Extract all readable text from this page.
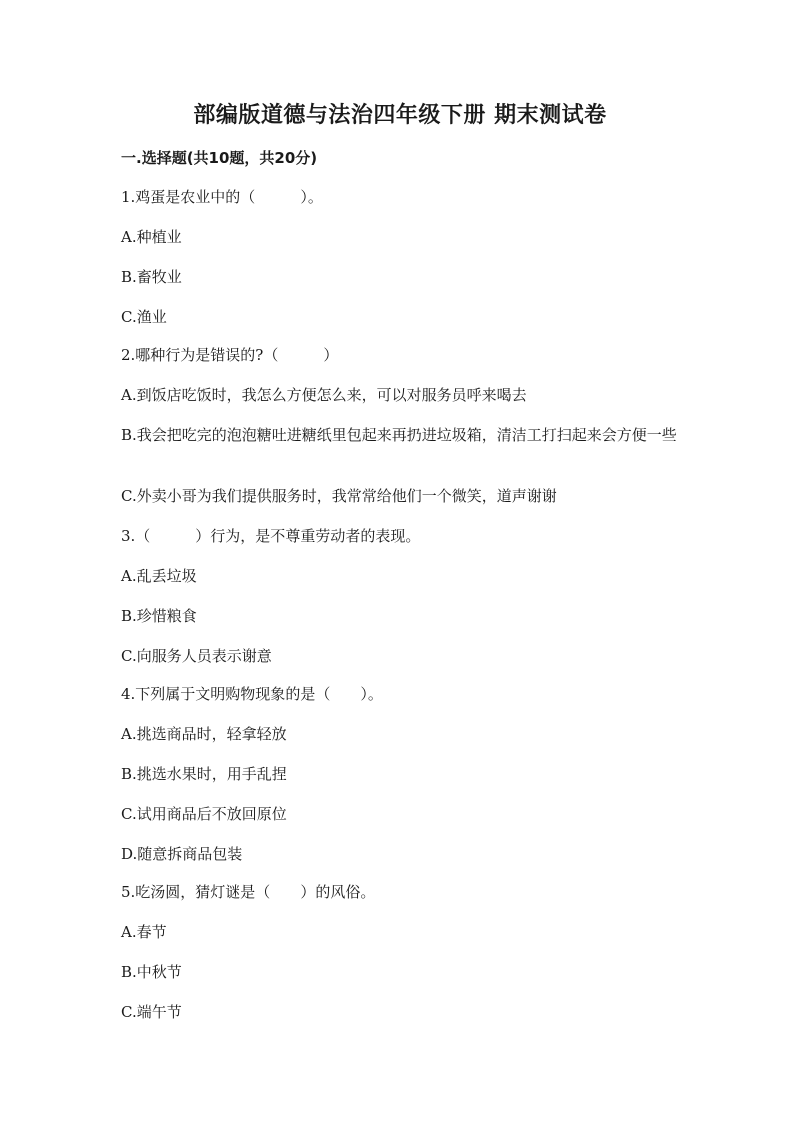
部编版道德与法治四年级下册 期末测试卷
一.选择题(共10题，共20分)
1.鸡蛋是农业中的（　　　）。
A.种植业
B.畜牧业
C.渔业
2.哪种行为是错误的?（　　　）
A.到饭店吃饭时，我怎么方便怎么来，可以对服务员呼来喝去
B.我会把吃完的泡泡糖吐进糖纸里包起来再扔进垃圾箱，清洁工打扫起来会方便一些
C.外卖小哥为我们提供服务时，我常常给他们一个微笑，道声谢谢
3.（　　　）行为，是不尊重劳动者的表现。
A.乱丢垃圾
B.珍惜粮食
C.向服务人员表示谢意
4.下列属于文明购物现象的是（　　）。
A.挑选商品时，轻拿轻放
B.挑选水果时，用手乱捏
C.试用商品后不放回原位
D.随意拆商品包装
5.吃汤圆，猜灯谜是（　　）的风俗。
A.春节
B.中秋节
C.端午节
